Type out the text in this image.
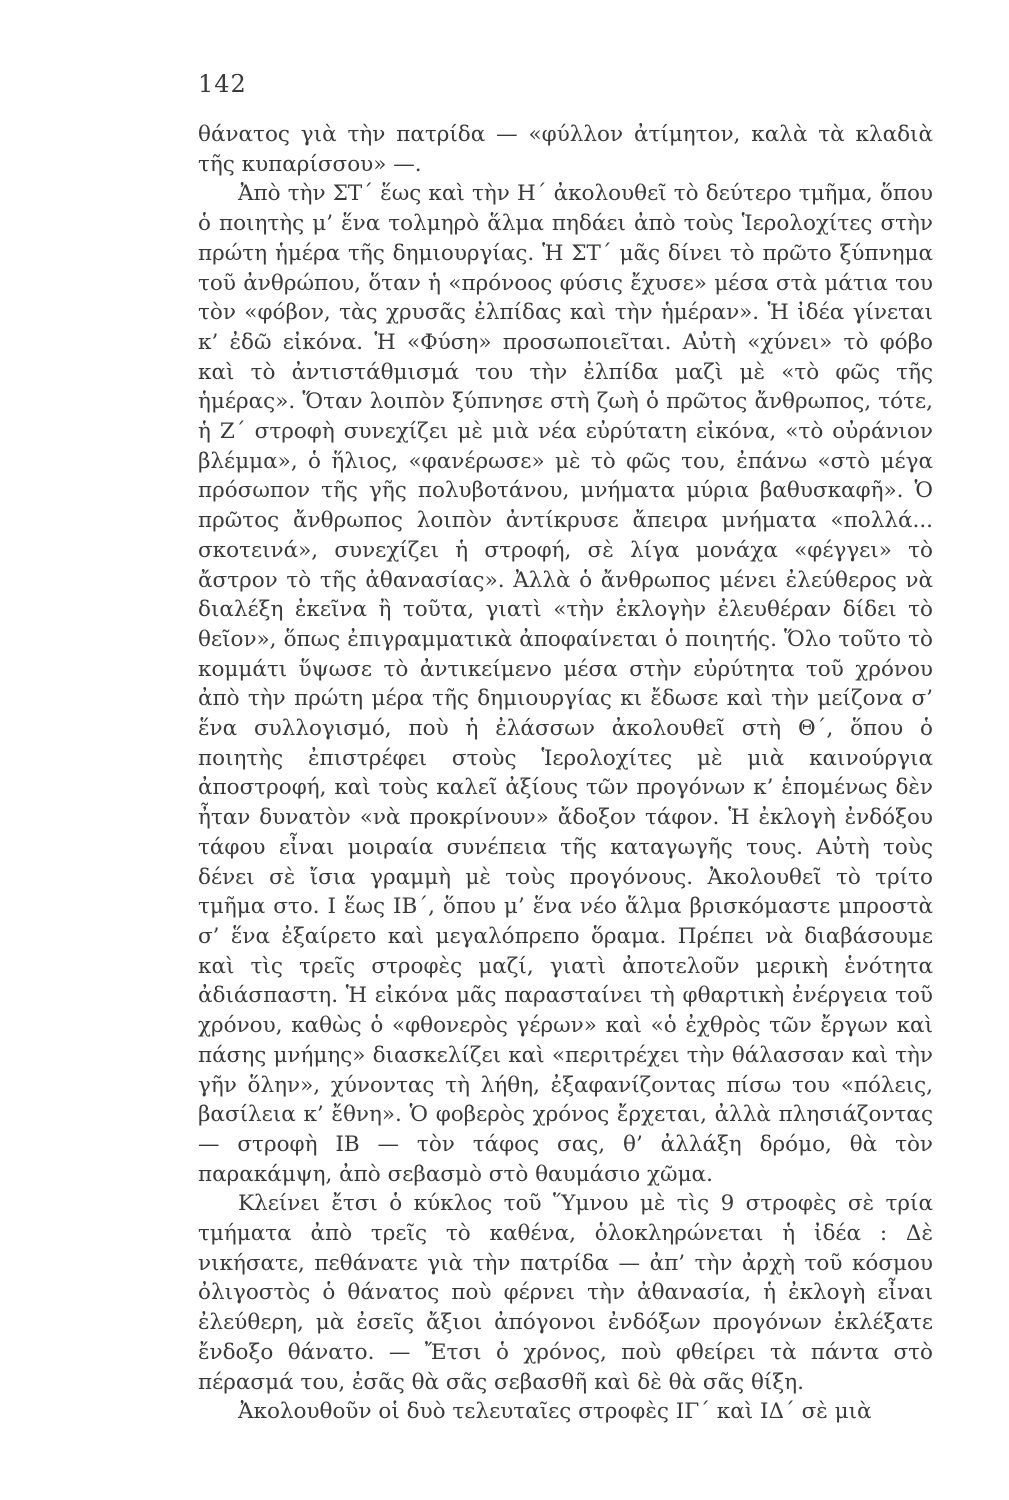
142

θάνατος γιὰ τὴν πατρίδα — «φύλλον ἀτίμητον, καλὰ τὰ κλαδιὰ τῆς κυπαρίσσου» —.

Ἀπὸ τὴν ΣΤ΄ ἕως καὶ τὴν Η΄ ἀκολουθεῖ τὸ δεύτερο τμῆμα, ὅπου ὁ ποιητὴς μ’ ἕνα τολμηρὸ ἅλμα πηδάει ἀπὸ τοὺς Ἱερολοχίτες στὴν πρώτη ἡμέρα τῆς δημιουργίας. Ἡ ΣΤ΄ μᾶς δίνει τὸ πρῶτο ξύπνημα τοῦ ἀνθρώπου, ὅταν ἡ «πρόνοος φύσις ἔχυσε» μέσα στὰ μάτια του τὸν «φόβον, τὰς χρυσᾶς ἐλπίδας καὶ τὴν ἡμέραν». Ἡ ἰδέα γίνεται κ’ ἐδῶ εἰκόνα. Ἡ «Φύση» προσωποιεῖται. Αὐτὴ «χύνει» τὸ φόβο καὶ τὸ ἀντιστάθμισμά του τὴν ἐλπίδα μαζὶ μὲ «τὸ φῶς τῆς ἡμέρας». Ὅταν λοιπὸν ξύπνησε στὴ ζωὴ ὁ πρῶτος ἄνθρωπος, τότε, ἡ Ζ΄ στροφὴ συνεχίζει μὲ μιὰ νέα εὐρύτατη εἰκόνα, «τὸ οὐράνιον βλέμμα», ὁ ἥλιος, «φανέρωσε» μὲ τὸ φῶς του, ἐπάνω «στὸ μέγα πρόσωπον τῆς γῆς πολυβοτάνου, μνήματα μύρια βαθυσκαφῆ». Ὁ πρῶτος ἄνθρωπος λοιπὸν ἀντίκρυσε ἄπειρα μνήματα «πολλά... σκοτεινά», συνεχίζει ἡ στροφή, σὲ λίγα μονάχα «φέγγει» τὸ ἄστρον τὸ τῆς ἀθανασίας». Ἀλλὰ ὁ ἄνθρωπος μένει ἐλεύθερος νὰ διαλέξη ἐκεῖνα ἢ τοῦτα, γιατὶ «τὴν ἐκλογὴν ἐλευθέραν δίδει τὸ θεῖον», ὅπως ἐπιγραμματικὰ ἀποφαίνεται ὁ ποιητής. Ὅλο τοῦτο τὸ κομμάτι ὕψωσε τὸ ἀντικείμενο μέσα στὴν εὐρύτητα τοῦ χρόνου ἀπὸ τὴν πρώτη μέρα τῆς δημιουργίας κι ἔδωσε καὶ τὴν μείζονα σ’ ἕνα συλλογισμό, ποὺ ἡ ἐλάσσων ἀκολουθεῖ στὴ Θ΄, ὅπου ὁ ποιητὴς ἐπιστρέφει στοὺς Ἱερολοχίτες μὲ μιὰ καινούργια ἀποστροφή, καὶ τοὺς καλεῖ ἀξίους τῶν προγόνων κ’ ἑπομένως δὲν ἦταν δυνατὸν «νὰ προκρίνουν» ἄδοξον τάφον. Ἡ ἐκλογὴ ἐνδόξου τάφου εἶναι μοιραία συνέπεια τῆς καταγωγῆς τους. Αὐτὴ τοὺς δένει σὲ ἴσια γραμμὴ μὲ τοὺς προγόνους. Ἀκολουθεῖ τὸ τρίτο τμῆμα στο. Ι ἕως ΙΒ΄, ὅπου μ’ ἕνα νέο ἅλμα βρισκόμαστε μπροστὰ σ’ ἕνα ἐξαίρετο καὶ μεγαλόπρεπο ὅραμα. Πρέπει νὰ διαβάσουμε καὶ τὶς τρεῖς στροφὲς μαζί, γιατὶ ἀποτελοῦν μερικὴ ἑνότητα ἀδιάσπαστη. Ἡ εἰκόνα μᾶς παρασταίνει τὴ φθαρτικὴ ἐνέργεια τοῦ χρόνου, καθὼς ὁ «φθονερὸς γέρων» καὶ «ὁ ἐχθρὸς τῶν ἔργων καὶ πάσης μνήμης» διασκελίζει καὶ «περιτρέχει τὴν θάλασσαν καὶ τὴν γῆν ὅλην», χύνοντας τὴ λήθη, ἐξαφανίζοντας πίσω του «πόλεις, βασίλεια κ’ ἔθνη». Ὁ φοβερὸς χρόνος ἔρχεται, ἀλλὰ πλησιάζοντας — στροφὴ ΙΒ — τὸν τάφος σας, θ’ ἀλλάξη δρόμο, θὰ τὸν παρακάμψη, ἀπὸ σεβασμὸ στὸ θαυμάσιο χῶμα.

Κλείνει ἔτσι ὁ κύκλος τοῦ Ὕμνου μὲ τὶς 9 στροφὲς σὲ τρία τμήματα ἀπὸ τρεῖς τὸ καθένα, ὁλοκληρώνεται ἡ ἰδέα : Δὲ νικήσατε, πεθάνατε γιὰ τὴν πατρίδα — ἀπ’ τὴν ἀρχὴ τοῦ κόσμου ὀλιγοστὸς ὁ θάνατος ποὺ φέρνει τὴν ἀθανασία, ἡ ἐκλογὴ εἶναι ἐλεύθερη, μὰ ἐσεῖς ἄξιοι ἀπόγονοι ἐνδόξων προγόνων ἐκλέξατε ἔνδοξο θάνατο. — Ἔτσι ὁ χρόνος, ποὺ φθείρει τὰ πάντα στὸ πέρασμά του, ἐσᾶς θὰ σᾶς σεβασθῆ καὶ δὲ θὰ σᾶς θίξη.

Ἀκολουθοῦν οἱ δυὸ τελευταῖες στροφὲς ΙΓ΄ καὶ ΙΔ΄ σὲ μιὰ
